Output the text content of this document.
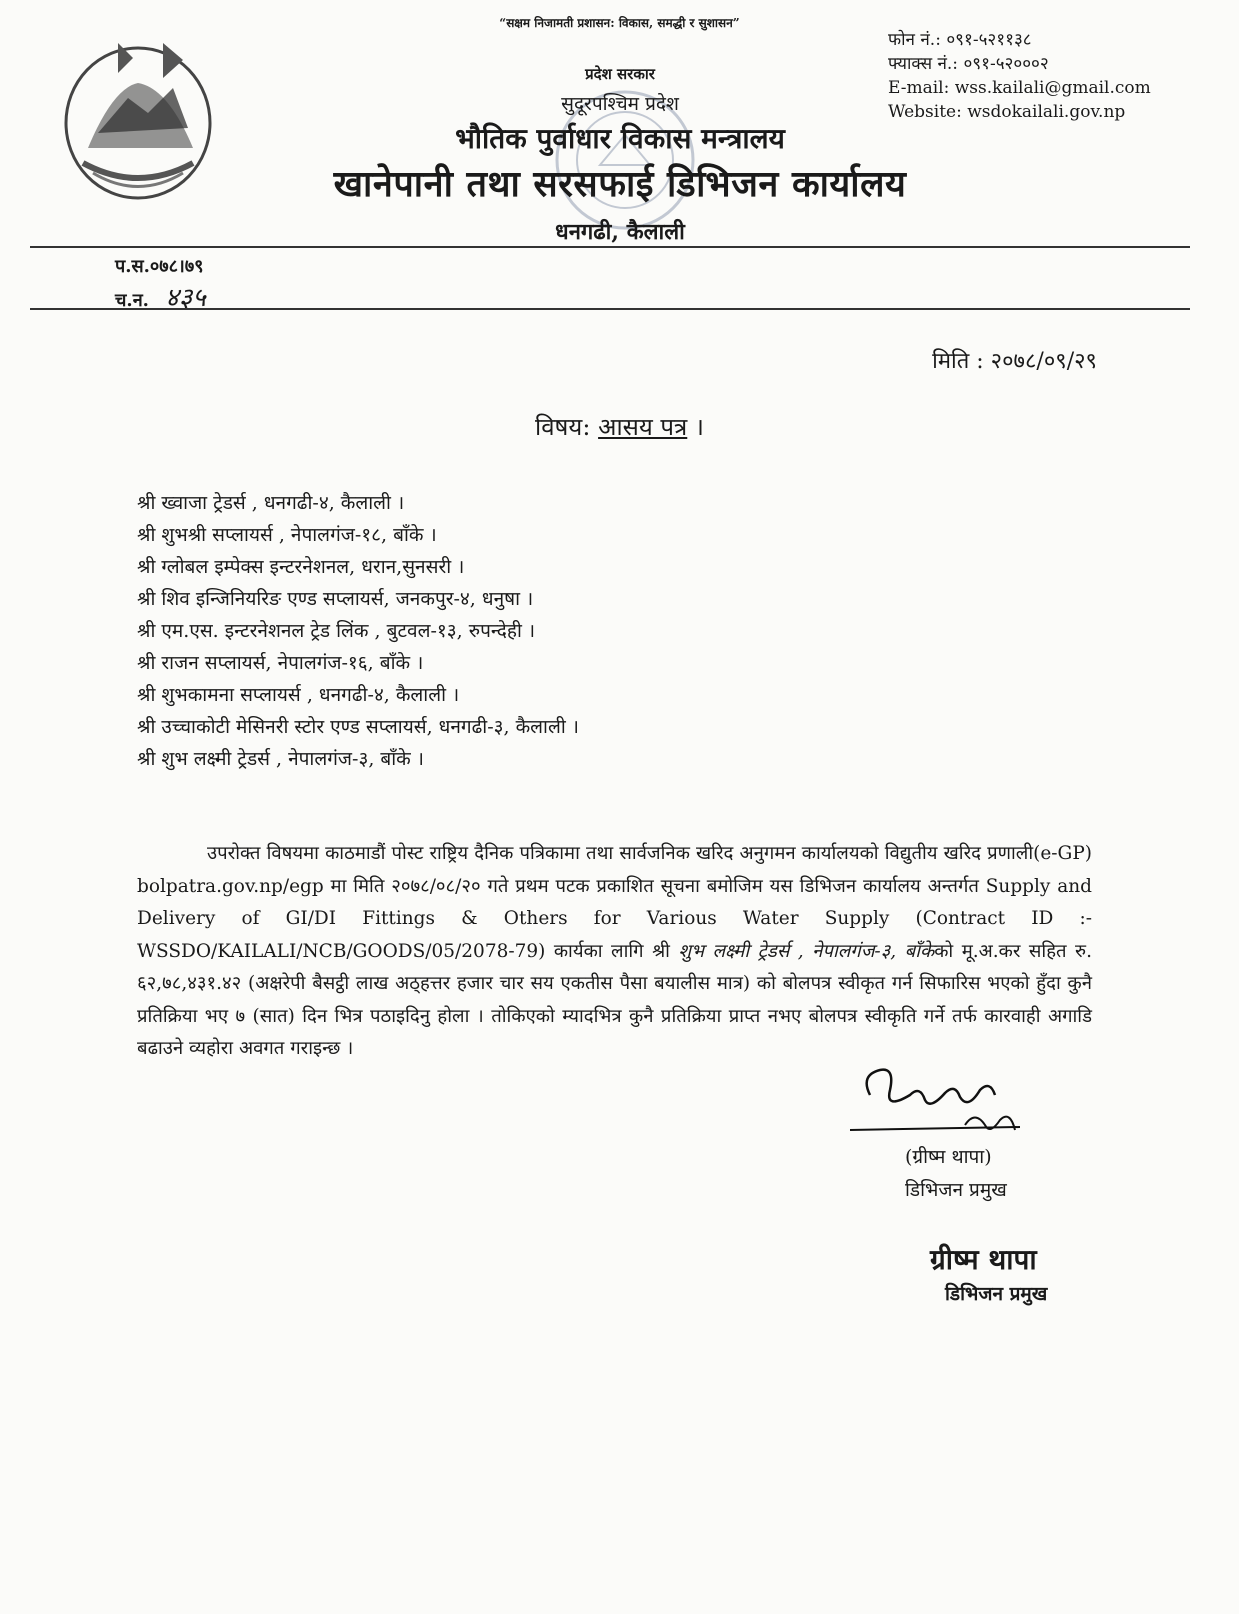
“सक्षम निजामती प्रशासन: विकास, समद्धी र सुशासन”
प्रदेश सरकार
सुदूरपश्चिम प्रदेश
भौतिक पुर्वाधार विकास मन्त्रालय
खानेपानी तथा सरसफाई डिभिजन कार्यालय
धनगढी, कैलाली
फोन नं.: ०९१-५२११३८
फ्याक्स नं.: ०९१-५२०००२
E-mail: wss.kailali@gmail.com
Website: wsdokailali.gov.np
प.स.०७८।७९
च.न. ४३५
मिति : २०७८/०९/२९
विषय: आसय पत्र ।
श्री ख्वाजा ट्रेडर्स , धनगढी-४, कैलाली ।
श्री शुभश्री सप्लायर्स , नेपालगंज-१८, बाँके ।
श्री ग्लोबल इम्पेक्स इन्टरनेशनल, धरान,सुनसरी ।
श्री शिव इन्जिनियरिङ एण्ड सप्लायर्स, जनकपुर-४, धनुषा ।
श्री एम.एस. इन्टरनेशनल ट्रेड लिंक , बुटवल-१३, रुपन्देही ।
श्री राजन सप्लायर्स, नेपालगंज-१६, बाँके ।
श्री शुभकामना सप्लायर्स , धनगढी-४, कैलाली ।
श्री उच्चाकोटी मेसिनरी स्टोर एण्ड सप्लायर्स, धनगढी-३, कैलाली ।
श्री शुभ लक्ष्मी ट्रेडर्स , नेपालगंज-३, बाँके ।
उपरोक्त विषयमा काठमाडौं पोस्ट राष्ट्रिय दैनिक पत्रिकामा तथा सार्वजनिक खरिद अनुगमन कार्यालयको विद्युतीय खरिद प्रणाली(e-GP) bolpatra.gov.np/egp मा मिति २०७८/०८/२० गते प्रथम पटक प्रकाशित सूचना बमोजिम यस डिभिजन कार्यालय अन्तर्गत Supply and Delivery of GI/DI Fittings & Others for Various Water Supply (Contract ID :- WSSDO/KAILALI/NCB/GOODS/05/2078-79) कार्यका लागि श्री शुभ लक्ष्मी ट्रेडर्स , नेपालगंज-३, बाँकेको मू.अ.कर सहित रु. ६२,७८,४३१.४२ (अक्षरेपी बैसट्ठी लाख अठ्हत्तर हजार चार सय एकतीस पैसा बयालीस मात्र) को बोलपत्र स्वीकृत गर्न सिफारिस भएको हुँदा कुनै प्रतिक्रिया भए ७ (सात) दिन भित्र पठाइदिनु होला । तोकिएको म्यादभित्र कुनै प्रतिक्रिया प्राप्त नभए बोलपत्र स्वीकृति गर्ने तर्फ कारवाही अगाडि बढाउने व्यहोरा अवगत गराइन्छ ।
(ग्रीष्म थापा)
डिभिजन प्रमुख
ग्रीष्म थापा
डिभिजन प्रमुख
